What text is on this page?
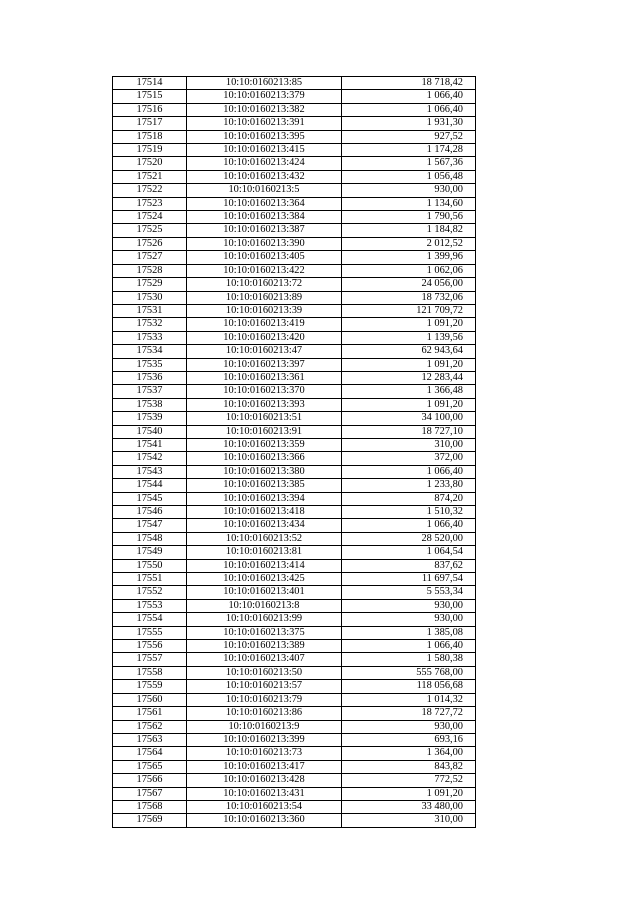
17514	10:10:0160213:85	18 718,42
17515	10:10:0160213:379	1 066,40
17516	10:10:0160213:382	1 066,40
17517	10:10:0160213:391	1 931,30
17518	10:10:0160213:395	927,52
17519	10:10:0160213:415	1 174,28
17520	10:10:0160213:424	1 567,36
17521	10:10:0160213:432	1 056,48
17522	10:10:0160213:5	930,00
17523	10:10:0160213:364	1 134,60
17524	10:10:0160213:384	1 790,56
17525	10:10:0160213:387	1 184,82
17526	10:10:0160213:390	2 012,52
17527	10:10:0160213:405	1 399,96
17528	10:10:0160213:422	1 062,06
17529	10:10:0160213:72	24 056,00
17530	10:10:0160213:89	18 732,06
17531	10:10:0160213:39	121 709,72
17532	10:10:0160213:419	1 091,20
17533	10:10:0160213:420	1 139,56
17534	10:10:0160213:47	62 943,64
17535	10:10:0160213:397	1 091,20
17536	10:10:0160213:361	12 283,44
17537	10:10:0160213:370	1 366,48
17538	10:10:0160213:393	1 091,20
17539	10:10:0160213:51	34 100,00
17540	10:10:0160213:91	18 727,10
17541	10:10:0160213:359	310,00
17542	10:10:0160213:366	372,00
17543	10:10:0160213:380	1 066,40
17544	10:10:0160213:385	1 233,80
17545	10:10:0160213:394	874,20
17546	10:10:0160213:418	1 510,32
17547	10:10:0160213:434	1 066,40
17548	10:10:0160213:52	28 520,00
17549	10:10:0160213:81	1 064,54
17550	10:10:0160213:414	837,62
17551	10:10:0160213:425	11 697,54
17552	10:10:0160213:401	5 553,34
17553	10:10:0160213:8	930,00
17554	10:10:0160213:99	930,00
17555	10:10:0160213:375	1 385,08
17556	10:10:0160213:389	1 066,40
17557	10:10:0160213:407	1 580,38
17558	10:10:0160213:50	555 768,00
17559	10:10:0160213:57	118 056,68
17560	10:10:0160213:79	1 014,32
17561	10:10:0160213:86	18 727,72
17562	10:10:0160213:9	930,00
17563	10:10:0160213:399	693,16
17564	10:10:0160213:73	1 364,00
17565	10:10:0160213:417	843,82
17566	10:10:0160213:428	772,52
17567	10:10:0160213:431	1 091,20
17568	10:10:0160213:54	33 480,00
17569	10:10:0160213:360	310,00
